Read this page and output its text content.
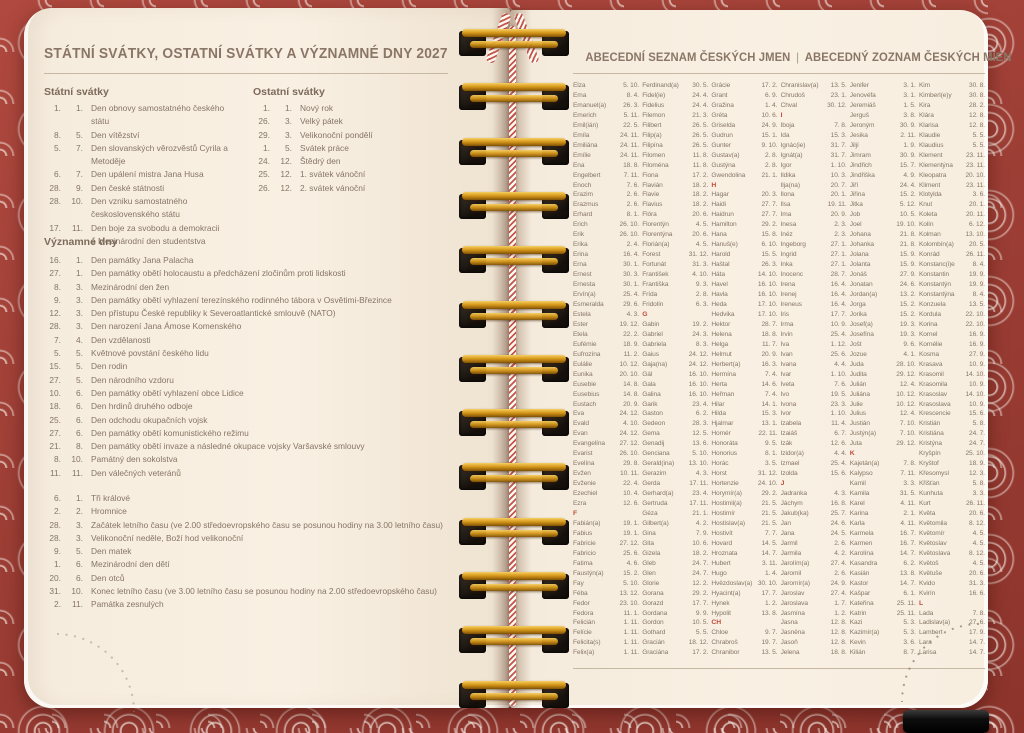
STÁTNÍ SVÁTKY, OSTATNÍ SVÁTKY A VÝZNAMNÉ DNY 2027
Státní svátky	Ostatní svátky
1.	1. Den obnovy samostatného českého státu
8.	5. Den vítězství
5.	7. Den slovanských věrozvěstů Cyrila a Metoděje
6.	7. Den upálení mistra Jana Husa
28.	9. Den české státnosti
28. 10. Den vzniku samostatného československého státu
17.	11. Den boje za svobodu a demokracii
a Mezinárodní den studentstva
1.	1. Nový rok
26.	3. Velký pátek
29.	3. Velikonoční pondělí
1.	5. Svátek práce
24. 12. Štědrý den
25. 12. 1. svátek vánoční
26. 12. 2. svátek vánoční
Významné dny
16.	1. Den památky Jana Palacha
27.	1. Den památky obětí holocaustu a předcházení zločinům proti lidskosti
8.	3. Mezinárodní den žen
9.	3. Den památky obětí vyhlazení terezínského rodinného tábora v Osvětimi-Březince
12.	3. Den přístupu České republiky k Severoatlantické smlouvě (NATO)
28.	3. Den narození Jana Ámose Komenského
7.	4. Den vzdělanosti
5.	5. Květnové povstání českého lidu
15.	5. Den rodin
27.	5. Den národního vzdoru
10.	6. Den památky obětí vyhlazení obce Lidice
18.	6. Den hrdinů druhého odboje
25.	6. Den odchodu okupačních vojsk
27.	6. Den památky obětí komunistického režimu
21.	8. Den památky obětí invaze a následné okupace vojsky Varšavské smlouvy
8. 10. Památný den sokolstva
11.	11. Den válečných veteránů
6.	1. Tři králové
2.	2. Hromnice
28.	3. Začátek letního času (ve 2.00 středoevropského času se posunou hodiny na 3.00 letního času)
28.	3. Velikonoční neděle, Boží hod velikonoční
9.	5. Den matek
1.	6. Mezinárodní den dětí
20.	6. Den otců
31. 10. Konec letního času (ve 3.00 letního času se posunou hodiny na 2.00 středoevropského času)
2.	11. Památka zesnulých
ABECEDNÍ SEZNAM ČESKÝCH JMEN | ABECEDNÝ ZOZNAM ČESKÝCH MIEN
Elza	5. 10.
Ema	8. 4.
Emanuel(a)	26. 3.
Emerich	5. 11.
Emil(ián)	22. 5.
Emíla	24. 11.
Emiliána	24. 11.
Emílie	24. 11.
Ena	18. 8.
Engelbert	7. 11.
Enoch	7. 6.
Erazim	2. 6.
Erazmus	2. 6.
Erhard	8. 1.
Erich	26. 10.
Erik	26. 10.
Erika	2. 4.
Erina	16. 4.
Erna	30. 1.
Ernest	30. 3.
Ernesta	30. 1.
Ervín(a)	25. 4.
Esmeralda	29. 6.
Estela	4. 3.
Ester	19. 12.
Etela	22. 2.
Eufémie	18. 9.
Eufrozína	11. 2.
Eulálie	10. 12.
Eunika	20. 10.
Eusebie	14. 8.
Eusebius	14. 8.
Eustach	20. 9.
Eva	24. 12.
Evald	4. 10.
Evan	24. 12.
Evangelína 27. 12.
Evarist	26. 10.
Evelína	29. 8.
Evžen	10. 11.
Evženie	22. 4.
Ezechiel	10. 4.
Ezra	12. 6.
F
Fabián(a)	19. 1.
Fabius	19. 1.
Fabricie	27. 12.
Fabricio	25. 6.
Fatima	4. 6.
Faustýn(a)	15. 2.
Fay	5. 10.
Féba	13. 12.
Fedor	23. 10.
Fedora	11. 1.
Felicián	1. 11.
Felície	1. 11.
Felicita(s)	1. 11.
Felix(a)	1. 11.
Ferdinand(a) 30. 5.
Fidel(ie)	24. 4.
Fidelius	24. 4.
Filemon	21. 3.
Filibert	26. 5.
Filip(a)	26. 5.
Filipína	26. 5.
Filomen	11. 8.
Filoména	11. 8.
Fiona	17. 2.
Flavián	18. 2.
Flavie	18. 2.
Flavius	18. 2.
Flóra	20. 6.
Florentýn	4. 5.
Florentýna	20. 6.
Florián(a)	4. 5.
Forest	31. 12.
Fortunát	31. 3.
František	4. 10.
Františka	9. 3.
Frída	2. 8.
Fridolín	6. 3.
G
Gabin	19. 2.
Gabriel	24. 3.
Gabriela	8. 3.
Gaius	24. 12.
Gaja(na)	24. 12.
Gál	16. 10.
Gala	16. 10.
Galina	16. 10.
Garik	23. 4.
Gaston	6. 2.
Gedeon	28. 3.
Gema	12. 5.
Genadij	13. 6.
Genciana	5. 10.
Gerald(ina) 13. 10.
Gerazim	4. 3.
Gerda	17. 11.
Gerhard(a)	23. 4.
Gertruda	17. 11.
Géza	21. 1.
Gilbert(a)	4. 2.
Gina	7. 9.
Gita	10. 6.
Gizela	18. 2.
Gleb	24. 7.
Glen	24. 7.
Glorie	12. 2.
Gorana	29. 2.
Gorazd	17. 7.
Gordana	9. 9.
Gordon	10. 5.
Gothard	5. 5.
Gracián	18. 12.
Graciána	17. 2.
Grácie	17. 2.
Grant	6. 9.
Gražina	1. 4.
Gréta	10. 6.
Griselda	24. 9.
Gudrun	15. 1.
Gunter	9. 10.
Gustav(a)	2. 8.
Gustýna	2. 8.
Gwendolina 21. 1.
H
Hagar	20. 3.
Haidi	27. 7.
Haidrun	27. 7.
Hamilton	29. 2.
Hana	15. 8.
Hanuš(e)	6. 10.
Harold	15. 5.
Haštal	26. 3.
Háta	14. 10.
Havel	16. 10.
Havla	16. 10.
Heda	17. 10.
Hedvika	17. 10.
Hektor	28. 7.
Helena	18. 8.
Helga	11. 7.
Helmut	20. 9.
Herbert(a)	16. 3.
Hermína	7. 4.
Herta	14. 6.
Heřman	7. 4.
Hilar	14. 1.
Hilda	15. 3.
Hjalmar	13. 1.
Homér	22. 11.
Honoráta	9. 5.
Honorius	8. 1.
Horác	3. 5.
Horst	31. 12.
Hortenzie	24. 10.
Horymír(a)	29. 2.
Hostimil(a)	21. 5.
Hostimír	21. 5.
Hostislav(a) 21. 5.
Hostivít	7. 7.
Hovard	14. 5.
Hroznata	14. 7.
Hubert	3. 11.
Hugo	1. 4.
Hvězdoslav(a) 30. 10.
Hyacint(a)	17. 7.
Hynek	1. 2.
Hypolit	13. 8.
CH
Chloe	9. 7.
Chrabroš	19. 7.
Chranibor	13. 5.
Chranislav(a) 13. 5.
Chrudoš	23. 1.
Chval	30. 12.
I
Iboja	7. 8.
Ida	15. 3.
Ignác(ie)	31. 7.
Ignát(a)	31. 7.
Igor	1. 10.
Ildika	10. 3.
Ilja(na)	20. 7.
Ilona	20. 1.
Ilsa	19. 11.
Ima	20. 9.
Inesa	2. 3.
Inéz	2. 3.
Ingeborg	27. 1.
Ingrid	27. 1.
Inka	27. 1.
Inocenc	28. 7.
Irena	16. 4.
Irenej	16. 4.
Ireneus	16. 4.
Iris	17. 7.
Irma	10. 9.
Irvin	25. 4.
Iva	1. 12.
Ivan	25. 6.
Ivana	4. 4.
Ivar	1. 10.
Iveta	7. 6.
Ivo	19. 5.
Ivona	23. 3.
Ivor	1. 10.
Izabela	11. 4.
Izaiáš	6. 7.
Izák	12. 6.
Izidor(a)	4. 4.
Izmael	25. 4.
Izolda	15. 6.
J
Jadranka	4. 3.
Jáchym	16. 8.
Jakub(ka)	25. 7.
Jan	24. 6.
Jana	24. 5.
Jarmil	2. 6.
Jarmila	4. 2.
Jarolím(a)	27. 4.
Jaromil	2. 6.
Jaromír(a)	24. 9.
Jaroslav	27. 4.
Jaroslava	1. 7.
Jasmína	1. 2.
Jasna	12. 8.
Jasněna	12. 8.
Jasoň	12. 8.
Jelena	18. 8.
Jenifer	3. 1.
Jenovéfa	3. 1.
Jeremiáš	1. 5.
Jerguš	3. 8.
Jeroným	30. 9.
Jesika	2. 11.
Jiljí	1. 9.
Jimram	30. 9.
Jindřich	15. 7.
Jindřiška	4. 9.
Jiří	24. 4.
Jiřina	15. 2.
Jitka	5. 12.
Job	10. 5.
Joel	19. 10.
Johana	21. 8.
Johanka	21. 8.
Jolana	15. 9.
Jolanta	15. 9.
Jonáš	27. 9.
Jonatan	24. 6.
Jordan(a)	13. 2.
Jorga	15. 2.
Jorika	15. 2.
Josef(a)	19. 3.
Josefína	19. 3.
Jošt	9. 6.
Jozue	4. 1.
Juda	28. 10.
Judita	29. 12.
Julián	12. 4.
Juliána	10. 12.
Julie	10. 12.
Julius	12. 4.
Justián	7. 10.
Justýn(a)	7. 10.
Juta	29. 12.
K
Kajetán(a)	7. 8.
Kalypso	7. 11.
Kamil	3. 3.
Kamila	31. 5.
Karel	4. 11.
Karina	2. 1.
Karla	4. 11.
Karmela	16. 7.
Karmen	16. 7.
Karolína	14. 7.
Kasandra	6. 2.
Kasián	13. 8.
Kastor	14. 7.
Kašpar	6. 1.
Kateřina	25. 11.
Katrin	25. 11.
Kazi	5. 3.
Kazimír(a)	5. 3.
Kevin	3. 6.
Kilián	8. 7.
Kim	30. 8.
Kimberl(e)y	30. 8.
Kira	28. 2.
Klára	12. 8.
Klarisa	12. 8.
Klaudie	5. 5.
Klaudius	5. 5.
Klement	23. 11.
Klementýna 23. 11.
Kleopatra	20. 10.
Kliment	23. 11.
Klotylda	3. 6.
Knut	20. 1.
Koleta	20. 11.
Kolín	6. 12.
Kolman	13. 10.
Kolombín(a) 20. 5.
Konrád	26. 11.
Konstanc(i)e	8. 4.
Konstantin	19. 9.
Konstantýn	19. 9.
Konstantýna	8. 4.
Konzuela	13. 5.
Kordula	22. 10.
Korina	22. 10.
Kornel	16. 9.
Kornélie	16. 9.
Kosma	27. 9.
Krasava	10. 9.
Krasomil	14. 10.
Krasomila	10. 9.
Krasoslav	14. 10.
Krasoslava	10. 9.
Krescencie	15. 6.
Kristián	5. 8.
Kristiána	24. 7.
Kristýna	24. 7.
Kryšpín	25. 10.
Kryštof	18. 9.
Křesomysl	12. 3.
Křišťan	5. 8.
Kunhuta	3. 3.
Kurt	26. 11.
Květa	20. 6.
Květomila	8. 12.
Květomír	4. 5.
Květoslav	4. 5.
Květoslava	8. 12.
Květoš	4. 5.
Květuše	20. 6.
Kvido	31. 3.
Kvirín	16. 6.
L
Lada	7. 8.
Ladislav(a)	27. 6.
Lambert	17. 9.
Lara	14. 7.
Larisa	14. 7.
